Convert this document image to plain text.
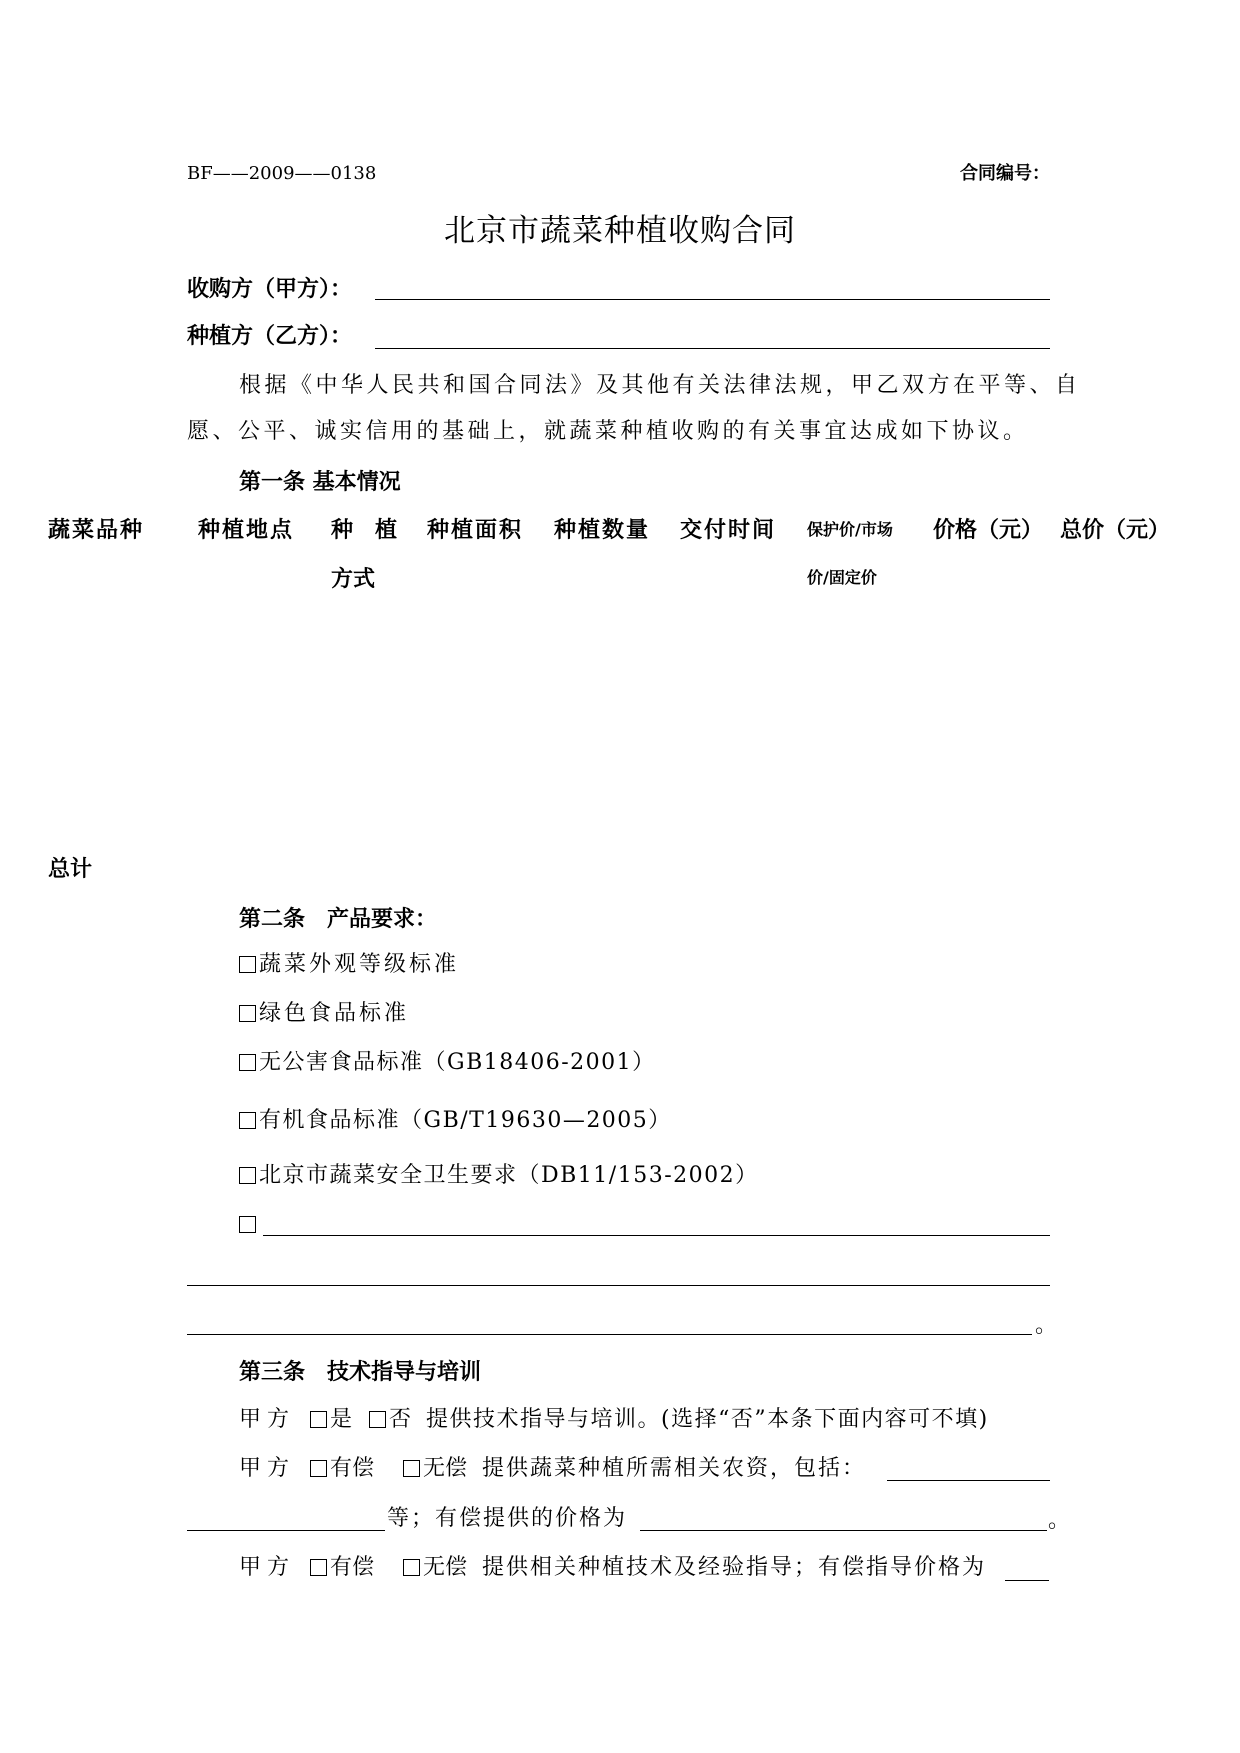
BF——2009——0138	合同编号：
北京市蔬菜种植收购合同
收购方（甲方）：
种植方（乙方）：
根据《中华人民共和国合同法》及其他有关法律法规，甲乙双方在平等、自
愿、公平、诚实信用的基础上，就蔬菜种植收购的有关事宜达成如下协议。
第一条 基本情况
蔬菜品种 种植地点 种　植
方式
种植面积 种植数量 交付时间 保护价/市场
价/固定价
价格（元） 总价（元）
总计
第二条　产品要求：
蔬菜外观等级标准
绿色食品标准
无公害食品标准（GB18406-2001）
有机食品标准（GB/T19630—2005）
北京市蔬菜安全卫生要求（DB11/153-2002）
。
第三条　技术指导与培训
甲方 是 否 提供技术指导与培训。(选择“否”本条下面内容可不填)
甲方 有偿 无偿 提供蔬菜种植所需相关农资，包括：
等；有偿提供的价格为	。
甲方 有偿 无偿 提供相关种植技术及经验指导；有偿指导价格为
